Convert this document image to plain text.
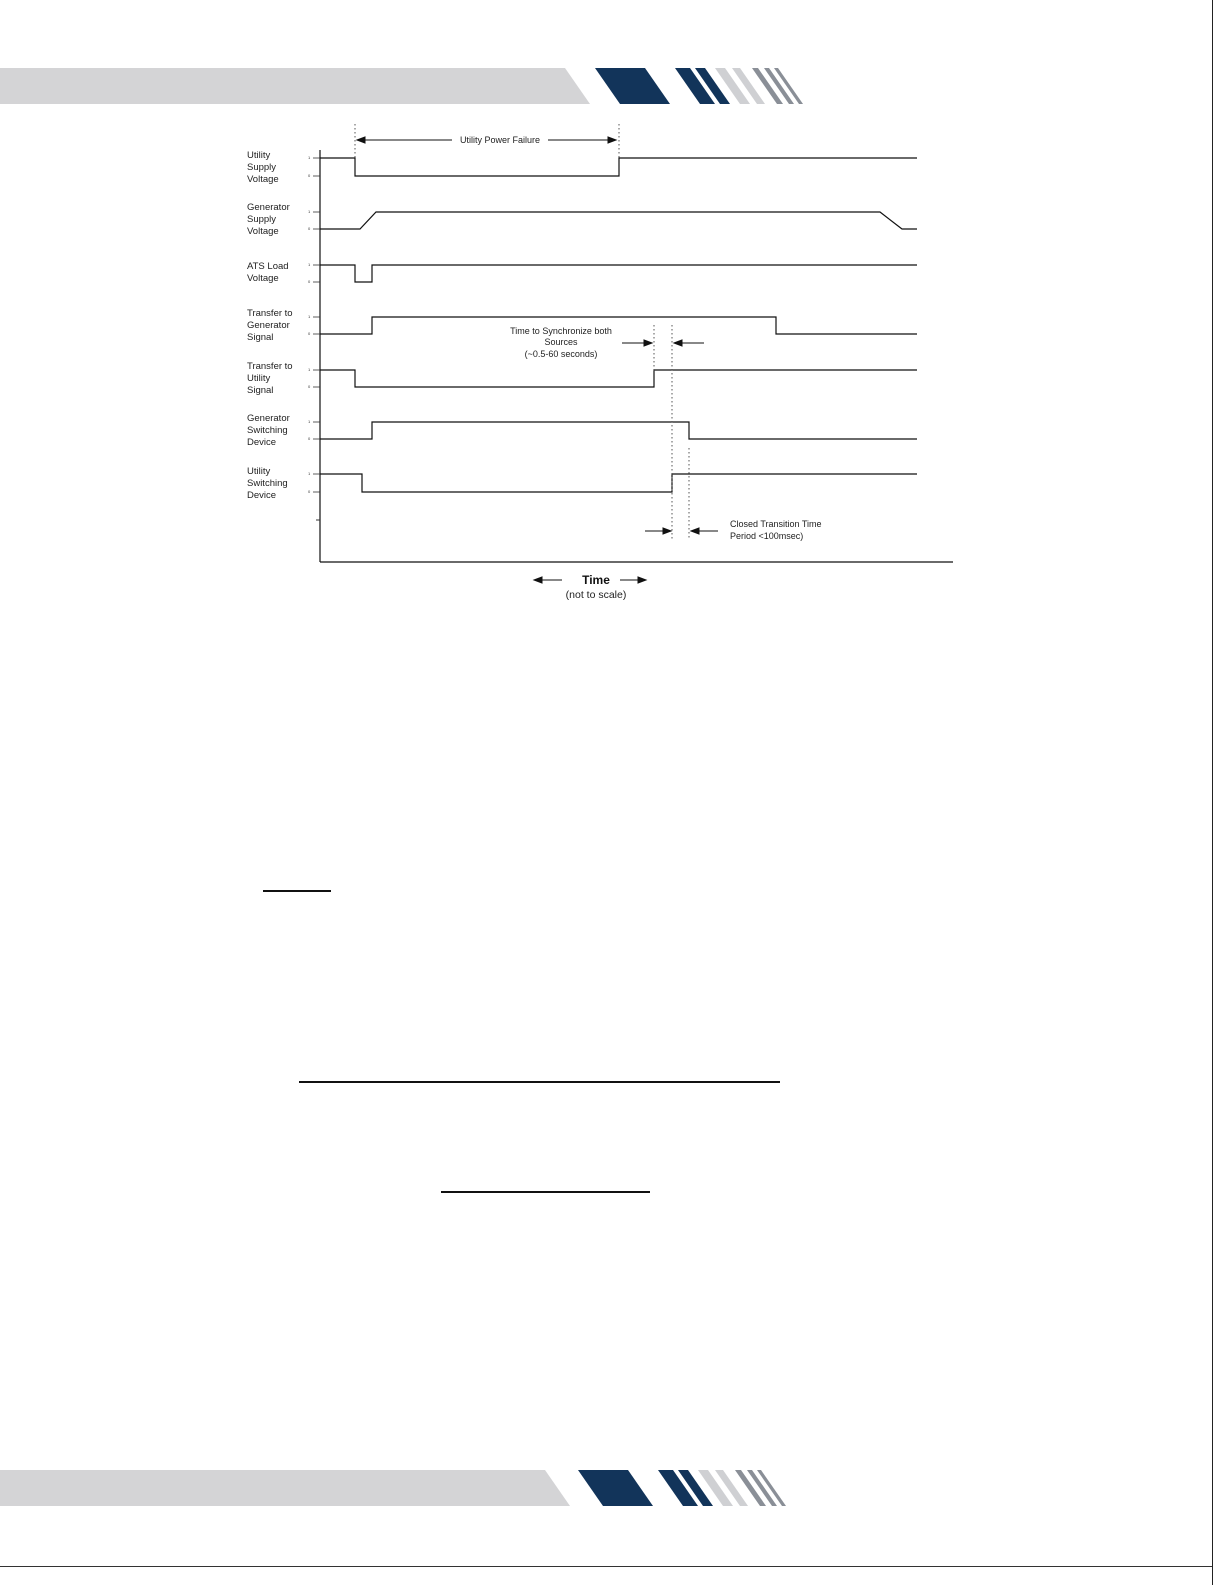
Utility Power Failure
Time to Synchronize both
Sources
(~0.5-60 seconds)
Closed Transition Time
Period <100msec)
Utility Supply Voltage
Generator Supply Voltage
ATS Load Voltage
Transfer to Generator Signal
Transfer to Utility Signal
Generator Switching Device
Utility Switching Device
1
0
1
0
1
0
1
0
1
0
1
0
1
0
Time
(not to scale)
